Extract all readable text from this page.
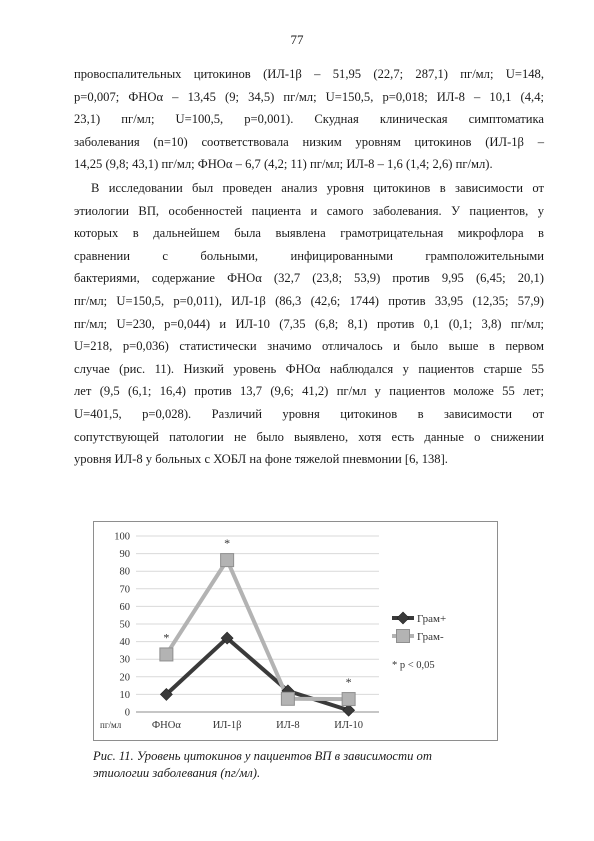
77
провоспалительных цитокинов (ИЛ-1β – 51,95 (22,7; 287,1) пг/мл; U=148,
р=0,007; ФНОα – 13,45 (9; 34,5) пг/мл; U=150,5, р=0,018; ИЛ-8 – 10,1 (4,4;
23,1) пг/мл; U=100,5, р=0,001). Скудная клиническая симптоматика
заболевания (n=10) соответствовала низким уровням цитокинов (ИЛ-1β –
14,25 (9,8; 43,1) пг/мл; ФНОα – 6,7 (4,2; 11) пг/мл; ИЛ-8 – 1,6 (1,4; 2,6) пг/мл).
В исследовании был проведен анализ уровня цитокинов в зависимости от
этиологии ВП, особенностей пациента и самого заболевания. У пациентов, у
которых в дальнейшем была выявлена грамотрицательная микрофлора в
сравнении с больными, инфицированными грамположительными
бактериями, содержание ФНОα (32,7 (23,8; 53,9) против 9,95 (6,45; 20,1)
пг/мл; U=150,5, р=0,011), ИЛ-1β (86,3 (42,6; 1744) против 33,95 (12,35; 57,9)
пг/мл; U=230, р=0,044) и ИЛ-10 (7,35 (6,8; 8,1) против 0,1 (0,1; 3,8) пг/мл;
U=218, р=0,036) статистически значимо отличалось и было выше в первом
случае (рис. 11). Низкий уровень ФНОα наблюдался у пациентов старше 55
лет (9,5 (6,1; 16,4) против 13,7 (9,6; 41,2) пг/мл у пациентов моложе 55 лет;
U=401,5, р=0,028). Различий уровня цитокинов в зависимости от
сопутствующей патологии не было выявлено, хотя есть данные о снижении
уровня ИЛ-8 у больных с ХОБЛ на фоне тяжелой пневмонии [6, 138].
0
10
20
30
40
50
60
70
80
90
100
ФНОα	ИЛ-1β	ИЛ-8	ИЛ-10
пг/мл
*
*
*
Грам+
Грам-
* p < 0,05
Рис. 11. Уровень цитокинов у пациентов ВП в зависимости от
этиологии заболевания (пг/мл).
